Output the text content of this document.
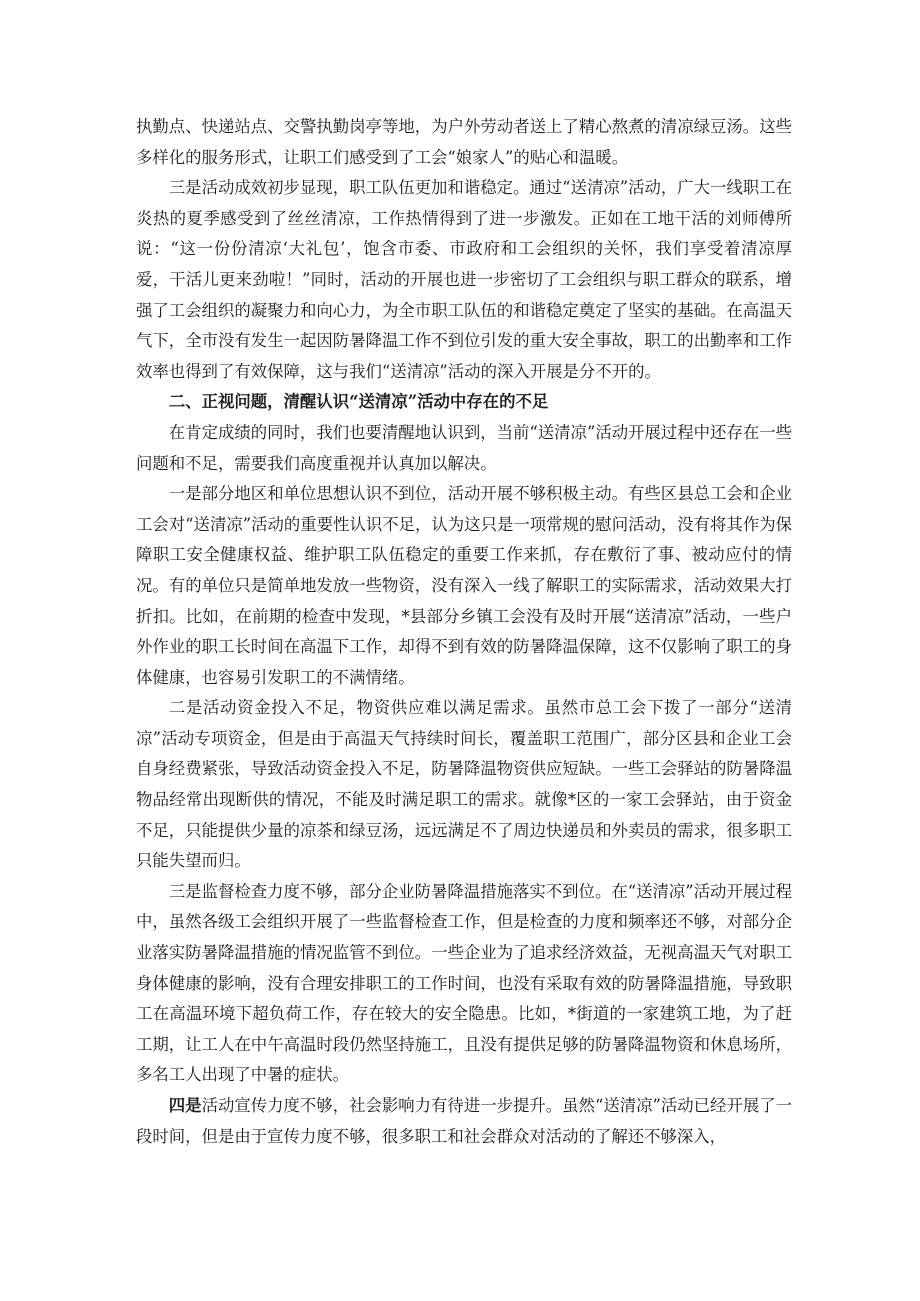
执勤点、快递站点、交警执勤岗亭等地，为户外劳动者送上了精心熬煮的清凉绿豆汤。这些多样化的服务形式，让职工们感受到了工会“娘家人”的贴心和温暖。

三是活动成效初步显现，职工队伍更加和谐稳定。通过“送清凉”活动，广大一线职工在炎热的夏季感受到了丝丝清凉，工作热情得到了进一步激发。正如在工地干活的刘师傅所说：“这一份份清凉‘大礼包’，饱含市委、市政府和工会组织的关怀，我们享受着清凉厚爱，干活儿更来劲啦！”同时，活动的开展也进一步密切了工会组织与职工群众的联系，增强了工会组织的凝聚力和向心力，为全市职工队伍的和谐稳定奠定了坚实的基础。在高温天气下，全市没有发生一起因防暑降温工作不到位引发的重大安全事故，职工的出勤率和工作效率也得到了有效保障，这与我们“送清凉”活动的深入开展是分不开的。

二、正视问题，清醒认识“送清凉”活动中存在的不足

在肯定成绩的同时，我们也要清醒地认识到，当前“送清凉”活动开展过程中还存在一些问题和不足，需要我们高度重视并认真加以解决。

一是部分地区和单位思想认识不到位，活动开展不够积极主动。有些区县总工会和企业工会对“送清凉”活动的重要性认识不足，认为这只是一项常规的慰问活动，没有将其作为保障职工安全健康权益、维护职工队伍稳定的重要工作来抓，存在敷衍了事、被动应付的情况。有的单位只是简单地发放一些物资，没有深入一线了解职工的实际需求，活动效果大打折扣。比如，在前期的检查中发现，*县部分乡镇工会没有及时开展“送清凉”活动，一些户外作业的职工长时间在高温下工作，却得不到有效的防暑降温保障，这不仅影响了职工的身体健康，也容易引发职工的不满情绪。

二是活动资金投入不足，物资供应难以满足需求。虽然市总工会下拨了一部分“送清凉”活动专项资金，但是由于高温天气持续时间长，覆盖职工范围广，部分区县和企业工会自身经费紧张，导致活动资金投入不足，防暑降温物资供应短缺。一些工会驿站的防暑降温物品经常出现断供的情况，不能及时满足职工的需求。就像*区的一家工会驿站，由于资金不足，只能提供少量的凉茶和绿豆汤，远远满足不了周边快递员和外卖员的需求，很多职工只能失望而归。

三是监督检查力度不够，部分企业防暑降温措施落实不到位。在“送清凉”活动开展过程中，虽然各级工会组织开展了一些监督检查工作，但是检查的力度和频率还不够，对部分企业落实防暑降温措施的情况监管不到位。一些企业为了追求经济效益，无视高温天气对职工身体健康的影响，没有合理安排职工的工作时间，也没有采取有效的防暑降温措施，导致职工在高温环境下超负荷工作，存在较大的安全隐患。比如，*街道的一家建筑工地，为了赶工期，让工人在中午高温时段仍然坚持施工，且没有提供足够的防暑降温物资和休息场所，多名工人出现了中暑的症状。

四是活动宣传力度不够，社会影响力有待进一步提升。虽然“送清凉”活动已经开展了一段时间，但是由于宣传力度不够，很多职工和社会群众对活动的了解还不够深入，
